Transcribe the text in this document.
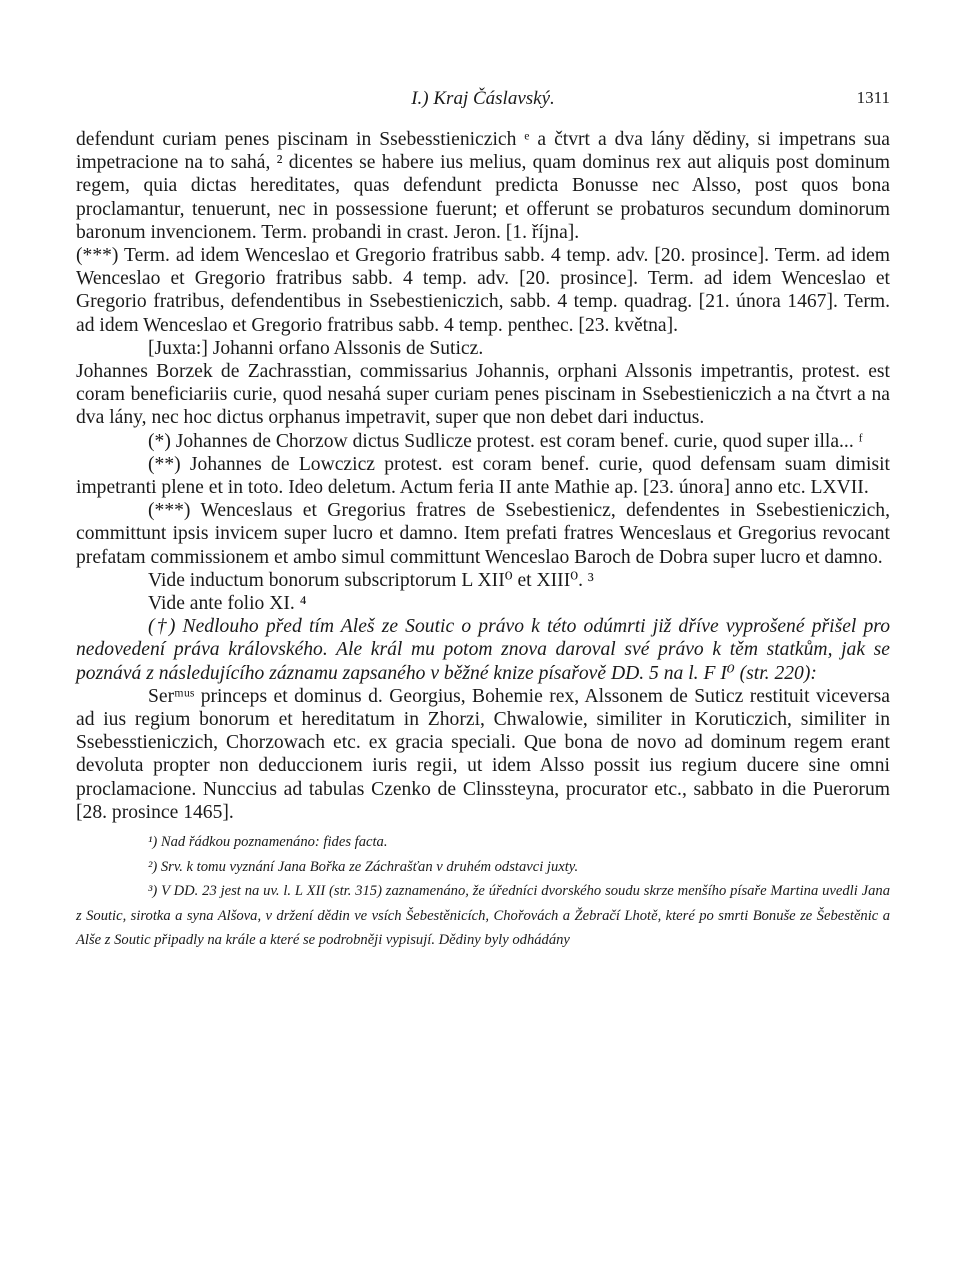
I.) Kraj Čáslavský.	1311

defendunt curiam penes piscinam in Ssebesstieniczich ᵉ a čtvrt a dva lány dědiny, si impetrans sua impetracione na to sahá, ² dicentes se habere ius melius, quam dominus rex aut aliquis post dominum regem, quia dictas hereditates, quas defendunt predicta Bonusse nec Alsso, post quos bona proclamantur, tenuerunt, nec in possessione fuerunt; et offerunt se probaturos secundum dominorum baronum invencionem. Term. probandi in crast. Jeron. [1. října].

(***) Term. ad idem Wenceslao et Gregorio fratribus sabb. 4 temp. adv. [20. prosince]. Term. ad idem Wenceslao et Gregorio fratribus sabb. 4 temp. adv. [20. prosince]. Term. ad idem Wenceslao et Gregorio fratribus, defendentibus in Ssebestieniczich, sabb. 4 temp. quadrag. [21. února 1467]. Term. ad idem Wenceslao et Gregorio fratribus sabb. 4 temp. penthec. [23. května].

[Juxta:] Johanni orfano Alssonis de Suticz.

Johannes Borzek de Zachrasstian, commissarius Johannis, orphani Alssonis impetrantis, protest. est coram beneficiariis curie, quod nesahá super curiam penes piscinam in Ssebestieniczich a na čtvrt a na dva lány, nec hoc dictus orphanus impetravit, super que non debet dari inductus.

(*) Johannes de Chorzow dictus Sudlicze protest. est coram benef. curie, quod super illa... ᶠ

(**) Johannes de Lowczicz protest. est coram benef. curie, quod defensam suam dimisit impetranti plene et in toto. Ideo deletum. Actum feria II ante Mathie ap. [23. února] anno etc. LXVII.

(***) Wenceslaus et Gregorius fratres de Ssebestienicz, defendentes in Ssebestieniczich, committunt ipsis invicem super lucro et damno. Item prefati fratres Wenceslaus et Gregorius revocant prefatam commissionem et ambo simul committunt Wenceslao Baroch de Dobra super lucro et damno.

Vide inductum bonorum subscriptorum L XII⁰ et XIII⁰. ³

Vide ante folio XI. ⁴

(†) Nedlouho před tím Aleš ze Soutic o právo k této odúmrti již dříve vyprošené přišel pro nedovedení práva královského. Ale král mu potom znova daroval své právo k těm statkům, jak se poznává z následujícího záznamu zapsaného v běžné knize písařově DD. 5 na l. F I⁰ (str. 220):

Serᵐᵘˢ princeps et dominus d. Georgius, Bohemie rex, Alssonem de Suticz restituit viceversa ad ius regium bonorum et hereditatum in Zhorzi, Chwalowie, similiter in Koruticzich, similiter in Ssebesstieniczich, Chorzowach etc. ex gracia speciali. Que bona de novo ad dominum regem erant devoluta propter non deduccionem iuris regii, ut idem Alsso possit ius regium ducere sine omni proclamacione. Nunccius ad tabulas Czenko de Clinssteyna, procurator etc., sabbato in die Puerorum [28. prosince 1465].

¹) Nad řádkou poznamenáno: fides facta.

²) Srv. k tomu vyznání Jana Bořka ze Záchrašťan v druhém odstavci juxty.

³) V DD. 23 jest na uv. l. L XII (str. 315) zaznamenáno, že úředníci dvorského soudu skrze menšího písaře Martina uvedli Jana z Soutic, sirotka a syna Alšova, v držení dědin ve vsích Šebestěnicích, Chořovách a Žebračí Lhotě, které po smrti Bonuše ze Šebestěnic a Alše z Soutic připadly na krále a které se podrobněji vypisují. Dědiny byly odhádány
